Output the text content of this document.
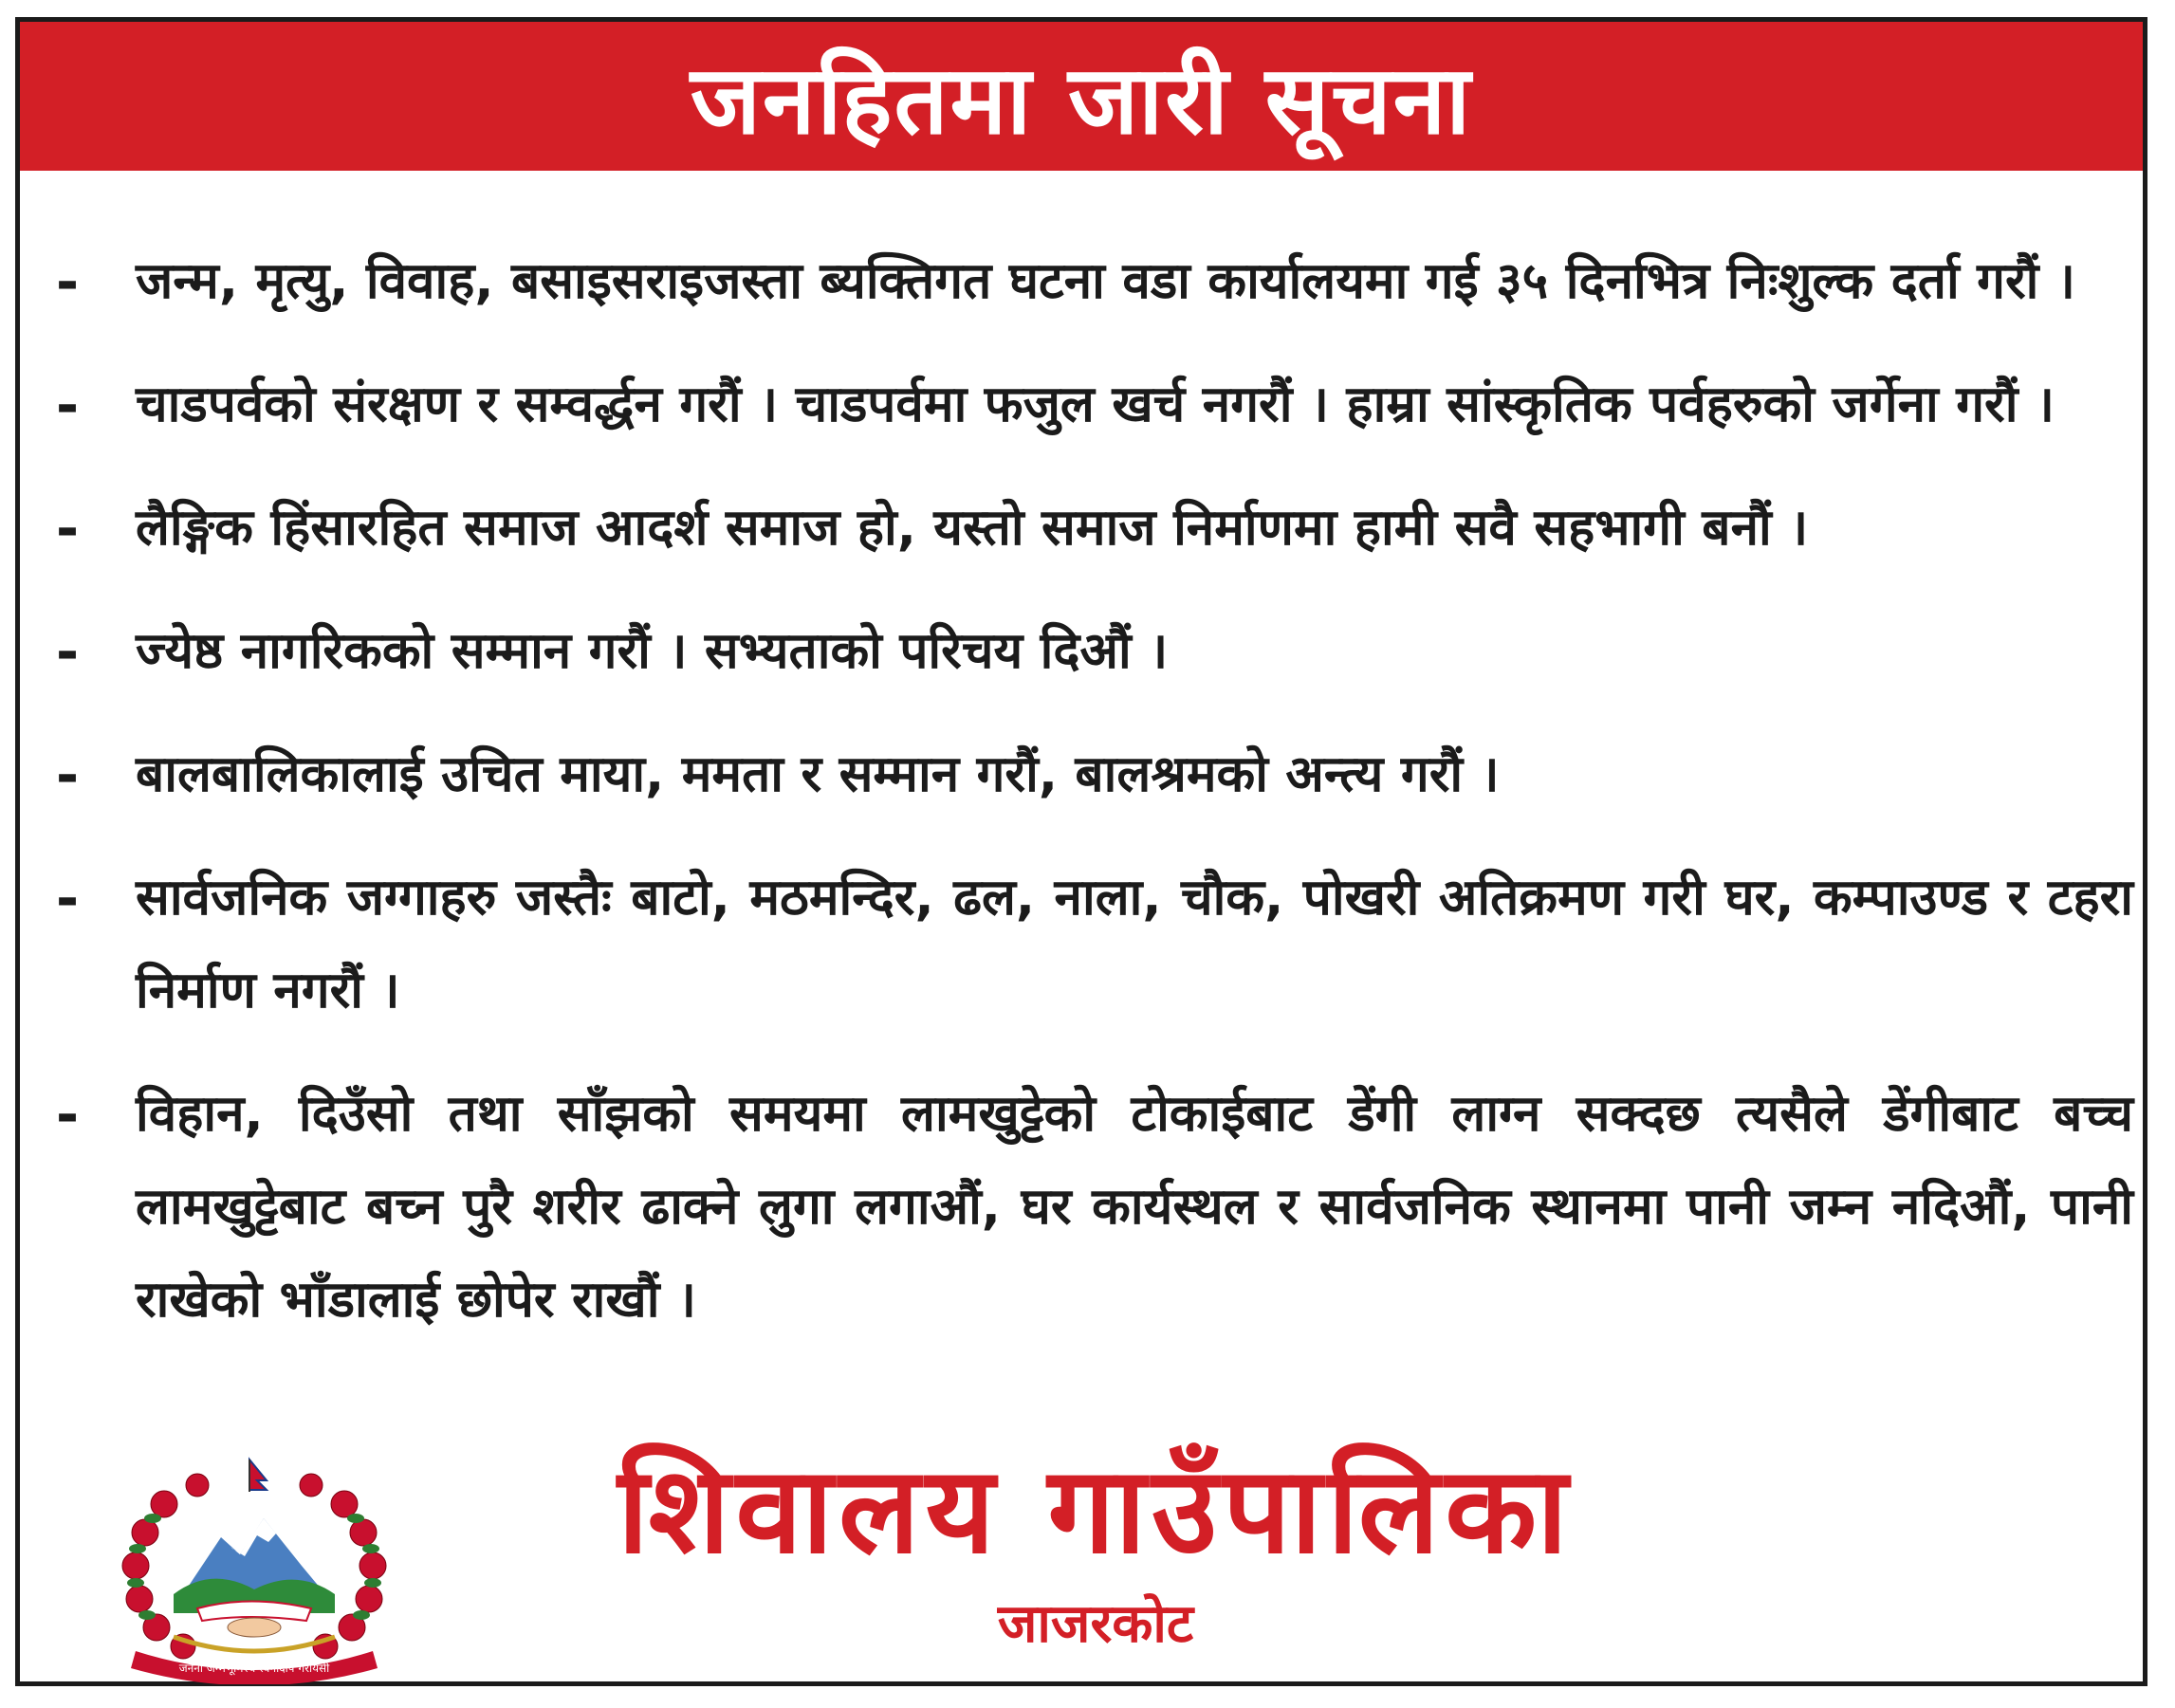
जनहितमा जारी सूचना
-	जन्म, मृत्यु, विवाह, बसाइसराइजस्ता ब्यक्तिगत घटना वडा कार्यालयमा गई ३५ दिनभित्र निःशुल्क दर्ता गरौं ।
-	चाडपर्वको संरक्षण र सम्वर्द्धन गरौं । चाडपर्वमा फजुल खर्च नगरौं । हाम्रा सांस्कृतिक पर्वहरुको जर्गेना गरौं ।
-	लैङ्गिक हिंसारहित समाज आदर्श समाज हो, यस्तो समाज निर्माणमा हामी सवै सहभागी बनौं ।
-	ज्येष्ठ नागरिकको सम्मान गरौं । सभ्यताको परिचय दिऔं ।
-	बालबालिकालाई उचित माया, ममता र सम्मान गरौं, बालश्रमको अन्त्य गरौं ।
-	सार्वजनिक जग्गाहरु जस्तैः बाटो, मठमन्दिर, ढल, नाला, चौक, पोखरी अतिक्रमण गरी घर, कम्पाउण्ड र टहरा निर्माण नगरौं ।
-	विहान, दिउँसो तथा साँझको समयमा लामखुट्टेको टोकाईबाट डेंगी लाग्न सक्दछ त्यसैले डेंगीबाट बच्च लामखुट्टेबाट बच्न पुरै शरीर ढाक्ने लुगा लगाऔं, घर कार्यस्थल र सार्वजनिक स्थानमा पानी जम्न नदिऔं, पानी राखेको भाँडालाई छोपेर राखौं ।
शिवालय गाउँपालिका
जाजरकोट
जननी जन्मभूमिश्च स्वर्गादपि गरीयसी
